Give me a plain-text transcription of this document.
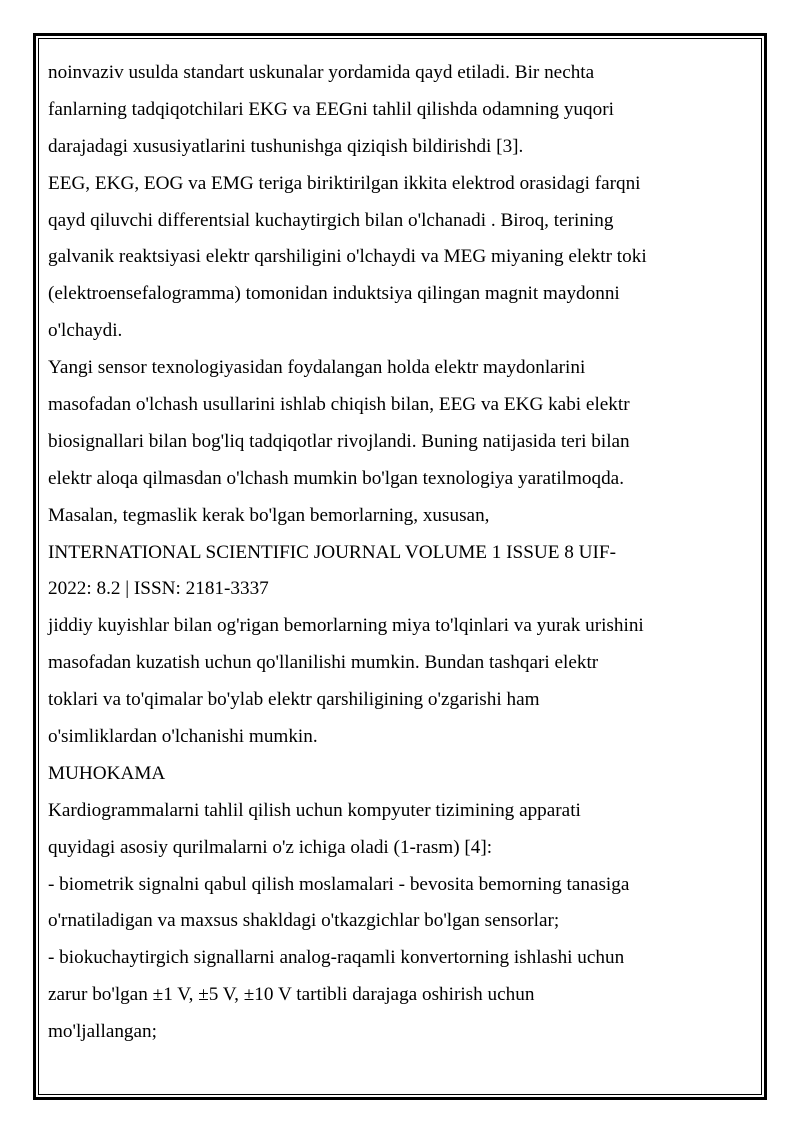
noinvaziv usulda standart uskunalar yordamida qayd etiladi. Bir nechta
fanlarning tadqiqotchilari EKG va EEGni tahlil qilishda odamning yuqori
darajadagi xususiyatlarini tushunishga qiziqish bildirishdi [3].
EEG, EKG, EOG va EMG teriga biriktirilgan ikkita elektrod orasidagi farqni
qayd qiluvchi differentsial kuchaytirgich bilan o'lchanadi . Biroq, terining
galvanik reaktsiyasi elektr qarshiligini o'lchaydi va MEG miyaning elektr toki
(elektroensefalogramma) tomonidan induktsiya qilingan magnit maydonni
o'lchaydi.
Yangi sensor texnologiyasidan foydalangan holda elektr maydonlarini
masofadan o'lchash usullarini ishlab chiqish bilan, EEG va EKG kabi elektr
biosignallari bilan bog'liq tadqiqotlar rivojlandi. Buning natijasida teri bilan
elektr aloqa qilmasdan o'lchash mumkin bo'lgan texnologiya yaratilmoqda.
Masalan, tegmaslik kerak bo'lgan bemorlarning, xususan,
INTERNATIONAL SCIENTIFIC JOURNAL VOLUME 1 ISSUE 8 UIF-
2022: 8.2 | ISSN: 2181-3337
jiddiy kuyishlar bilan og'rigan bemorlarning miya to'lqinlari va yurak urishini
masofadan kuzatish uchun qo'llanilishi mumkin. Bundan tashqari elektr
toklari va to'qimalar bo'ylab elektr qarshiligining o'zgarishi ham
o'simliklardan o'lchanishi mumkin.
MUHOKAMA
Kardiogrammalarni tahlil qilish uchun kompyuter tizimining apparati
quyidagi asosiy qurilmalarni o'z ichiga oladi (1-rasm) [4]:
- biometrik signalni qabul qilish moslamalari - bevosita bemorning tanasiga
o'rnatiladigan va maxsus shakldagi o'tkazgichlar bo'lgan sensorlar;
- biokuchaytirgich signallarni analog-raqamli konvertorning ishlashi uchun
zarur bo'lgan ±1 V, ±5 V, ±10 V tartibli darajaga oshirish uchun
mo'ljallangan;
